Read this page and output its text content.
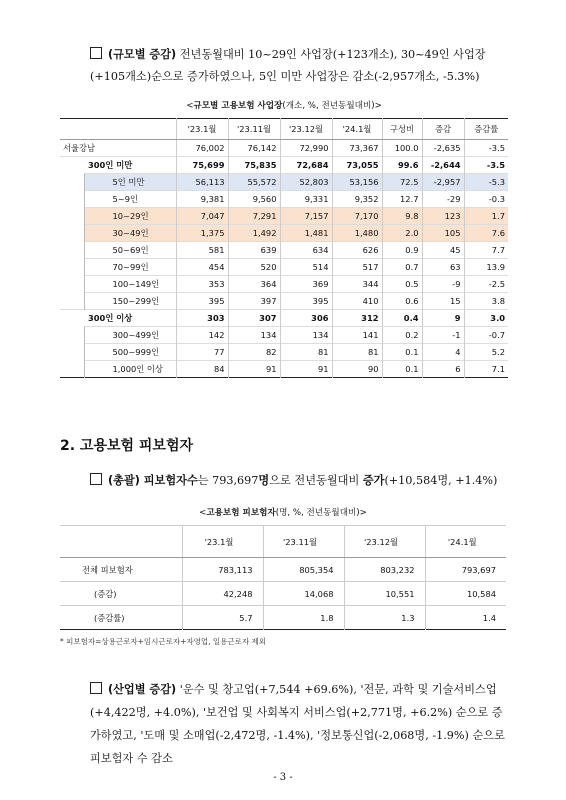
(규모별 증감) 전년동월대비 10~29인 사업장(+123개소), 30~49인 사업장 (+105개소)순으로 증가하였으나, 5인 미만 사업장은 감소(-2,957개소, -5.3%)
<규모별 고용보험 사업장(개소, %, 전년동월대비)>
		'23.1월	'23.11월	'23.12월	'24.1월	구성비	증감	증감률
서울강남		76,002	76,142	72,990	73,367	100.0	-2,635	-3.5
300인 미만		75,699	75,835	72,684	73,055	99.6	-2,644	-3.5
	5인 미만	56,113	55,572	52,803	53,156	72.5	-2,957	-5.3
	5~9인	9,381	9,560	9,331	9,352	12.7	-29	-0.3
	10~29인	7,047	7,291	7,157	7,170	9.8	123	1.7
	30~49인	1,375	1,492	1,481	1,480	2.0	105	7.6
	50~69인	581	639	634	626	0.9	45	7.7
	70~99인	454	520	514	517	0.7	63	13.9
	100~149인	353	364	369	344	0.5	-9	-2.5
	150~299인	395	397	395	410	0.6	15	3.8
300인 이상		303	307	306	312	0.4	9	3.0
	300~499인	142	134	134	141	0.2	-1	-0.7
	500~999인	77	82	81	81	0.1	4	5.2
	1,000인 이상	84	91	91	90	0.1	6	7.1
2. 고용보험 피보험자
(총괄) 피보험자수는 793,697명으로 전년동월대비 증가(+10,584명, +1.4%)
<고용보험 피보험자(명, %, 전년동월대비)>
	'23.1월	'23.11월	'23.12월	'24.1월
전체 피보험자	783,113	805,354	803,232	793,697
(증감)	42,248	14,068	10,551	10,584
(증감률)	5.7	1.8	1.3	1.4
* 피보험자=상용근로자+임시근로자+자영업, 일용근로자 제외
(산업별 증감) '운수 및 창고업(+7,544 +69.6%), '전문, 과학 및 기술서비스업 (+4,422명, +4.0%), '보건업 및 사회복지 서비스업(+2,771명, +6.2%) 순으로 증가하였고, '도매 및 소매업(-2,472명, -1.4%), '정보통신업(-2,068명, -1.9%) 순으로 피보험자 수 감소
- 3 -
